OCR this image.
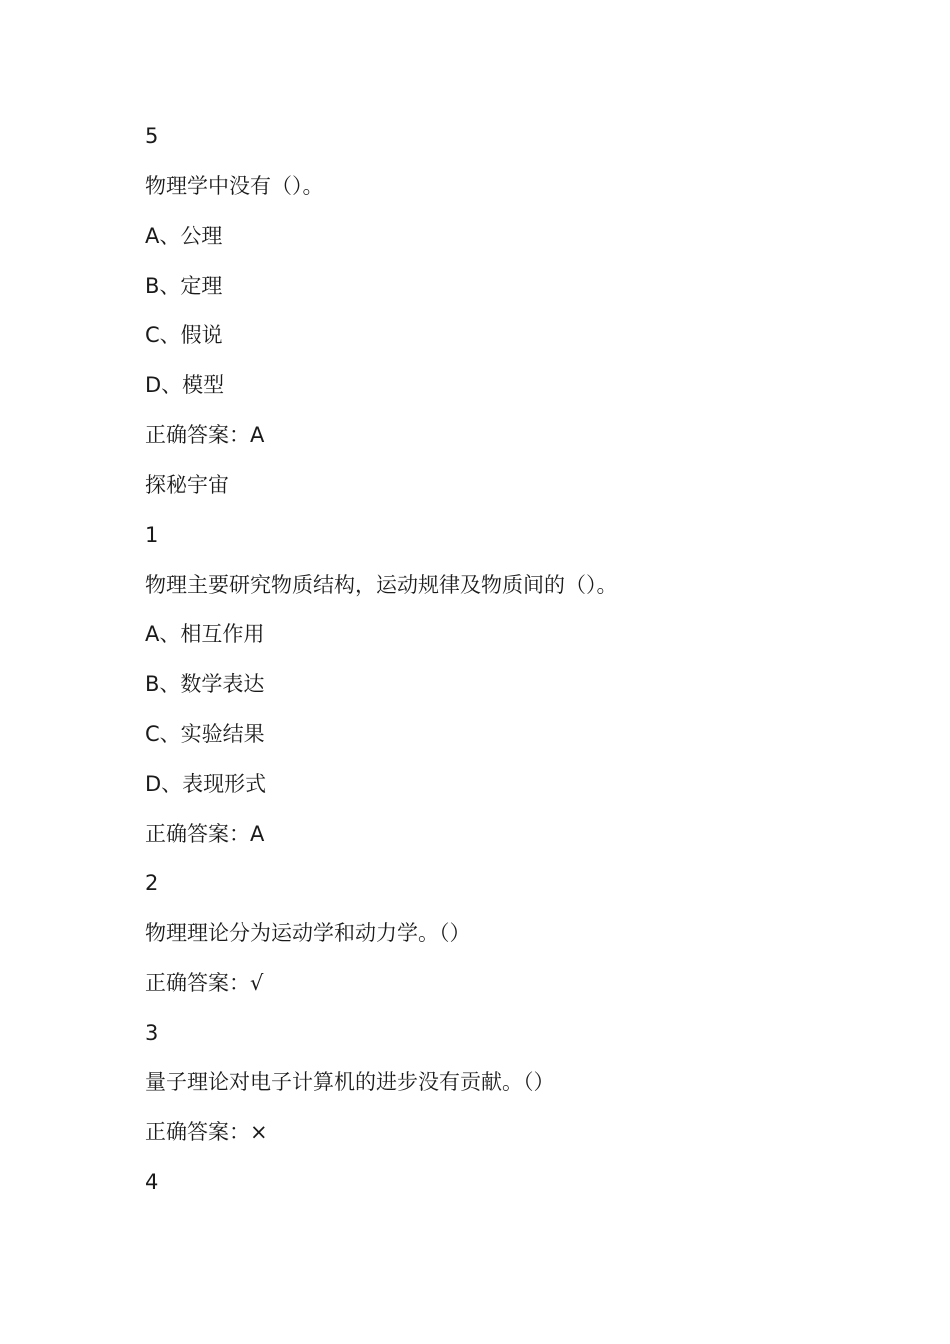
5
物理学中没有（）。
A、公理
B、定理
C、假说
D、模型
正确答案：A
探秘宇宙
1
物理主要研究物质结构，运动规律及物质间的（）。
A、相互作用
B、数学表达
C、实验结果
D、表现形式
正确答案：A
2
物理理论分为运动学和动力学。（）
正确答案：√
3
量子理论对电子计算机的进步没有贡献。（）
正确答案：×
4
